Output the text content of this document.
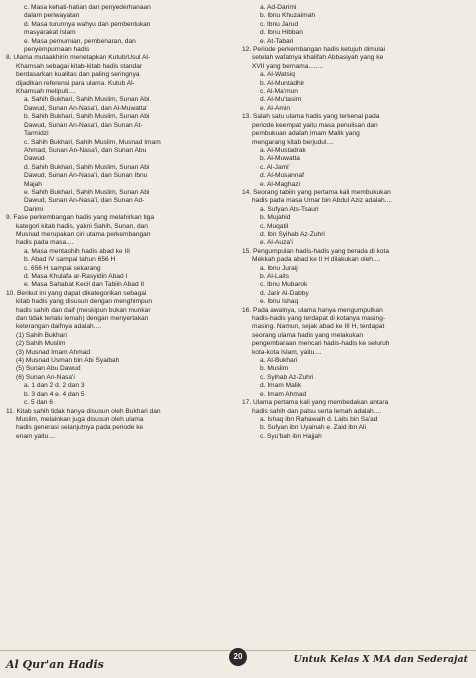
c. Masa kehati-hatian dan penyederhanaan
dalam periwayatan
d. Masa turunnya wahyu dan pembentukan
masyarakat Islam
e. Masa pemurnian, pembenaran, dan
penyempurnaan hadis
8. Ulama mutaakhirin menetapkan Kutub/Usul Al-
Khamsah sebagai kitab-kitab hadis standar
berdasarkan kualitas dan paling seringnya
dijadikan referensi para ulama. Kutub Al-
Khamsah meliputi....
a. Sahih Bukhari, Sahih Muslim, Sunan Abi
Dawud, Sunan An-Nasa'i, dan Al-Muwatta'
b. Sahih Bukhari, Sahih Muslim, Sunan Abi
Dawud, Sunan An-Nasa'i, dan Sunan At-
Tarmidzi
c. Sahih Bukhari, Sahih Muslim, Musnad Imam
Ahmad, Sunan An-Nasa'i, dan Sunan Abu
Dawud
d. Sahih Bukhari, Sahih Muslim, Sunan Abi
Dawud, Sunan An-Nasa'i, dan Sunan Ibnu
Majah
e. Sahih Bukhari, Sahih Muslim, Sunan Abi
Dawud, Sunan An-Nasa'i, dan Sunan Ad-
Darimi
9. Fase perkembangan hadis yang melahirkan tiga
kategori kitab hadis, yakni Sahih, Sunan, dan
Musnad merupakan ciri utama perkembangan
hadis pada masa....
a. Masa mentashih hadis abad ke III
b. Abad IV sampai tahun 656 H
c. 656 H sampai sekarang
d. Masa Khulafa ar-Rasyidin Abad I
e. Masa Sahabat Kecil dan Tabiin Abad II
10. Berikut ini yang dapat dikategorikan sebagai
kitab hadis yang disusun dengan menghimpun
hadis sahih dan daif (meskipun bukan munkar
dan tidak terlalu lemah) dengan menyertakan
keterangan daifnya adalah....
(1) Sahih Bukhari
(2) Sahih Muslim
(3) Musnad Imam Ahmad
(4) Musnad Usman bin Abi Syaibah
(5) Sunan Abu Dawud
(6) Sunan An-Nasa'i
a. 1 dan 2 d. 2 dan 3
b. 3 dan 4 e. 4 dan 5
c. 5 dan 6
11. Kitab sahih tidak hanya disusun oleh Bukhari dan
Muslim, melainkan juga disusun oleh ulama
hadis generasi selanjutnya pada periode ke
enam yaitu....
a. Ad-Darimi
b. Ibnu Khuzaimah
c. Ibnu Jarud
d. Ibnu Hibban
e. At-Tabari
12. Periode perkembangan hadis ketujuh dimulai
setelah wafatnya khalifah Abbasiyah yang ke
XVII yang bernama........
a. Al-Watsiq
b. Al-Muntadhir
c. Al-Ma'mun
d. Al-Mu'tasim
e. Al-Amin
13. Salah satu ulama hadis yang terkenal pada
periode keempat yaitu masa penulisan dan
pembukuan adalah Imam Malik yang
mengarang kitab berjudul....
a. Al-Mustadrak
b. Al-Muwatta
c. Al-Jami'
d. Al-Musannaf
e. Al-Maghazi
14. Seorang tabiin yang pertama kali membukukan
hadis pada masa Umar bin Abdul Aziz adalah....
a. Sufyan Ats-Tsauri
b. Mujahid
c. Muqatil
d. Ibn Syihab Az-Zuhri
e. Al-Auza'i
15. Pengumpulan hadis-hadis yang berada di kota
Mekkah pada abad ke II H dilakukan oleh....
a. Ibnu Juraij
b. Al-Laits
c. Ibnu Mubarok
d. Jarir Al-Dabby
e. Ibnu Ishaq
16. Pada awalnya, ulama hanya mengumpulkan
hadis-hadis yang terdapat di kotanya masing-
masing. Namun, sejak abad ke III H, terdapat
seorang ulama hadis yang melakukan
pengembaraan mencari hadis-hadis ke seluruh
kota-kota Islam, yaitu....
a. Al-Bukhari
b. Muslim
c. Syihab Az-Zuhri
d. Imam Malik
e. Imam Ahmad
17. Ulama pertama kali yang membedakan antara
hadis sahih dan palsu serta lemah adalah....
a. Ishaq ibn Rahawaih d. Laits bin Sa'ad
b. Sufyan ibn Uyainah e. Zaid ibn Ali
c. Syu'bah ibn Hajjah
Al Qur'an Hadis
20	Untuk Kelas X MA dan Sederajat
